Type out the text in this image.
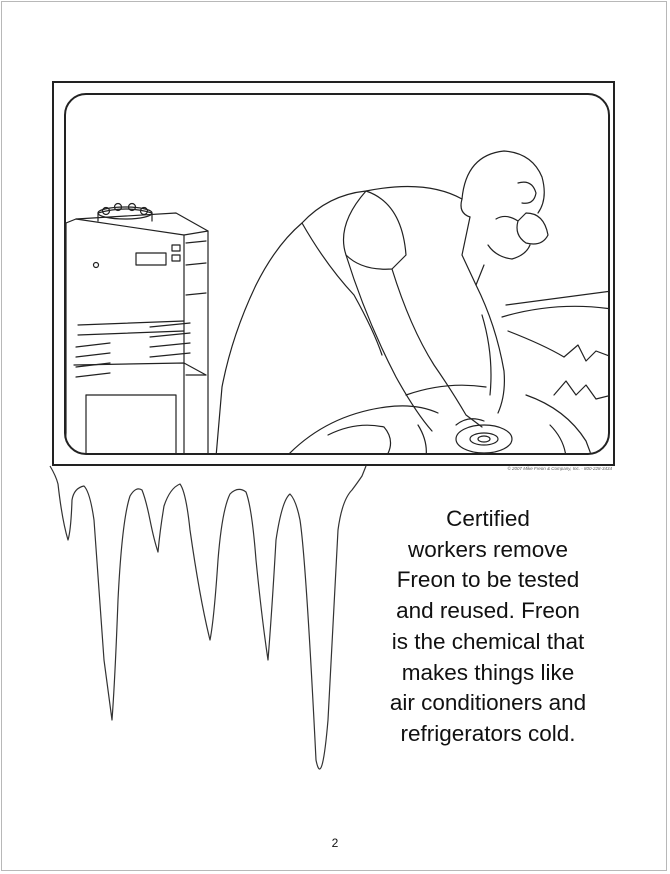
© 2007 Mike Freon & Company, Inc. · 800-228-3434
Certified
workers remove
Freon to be tested
and reused. Freon
is the chemical that
makes things like
air conditioners and
refrigerators cold.
2
